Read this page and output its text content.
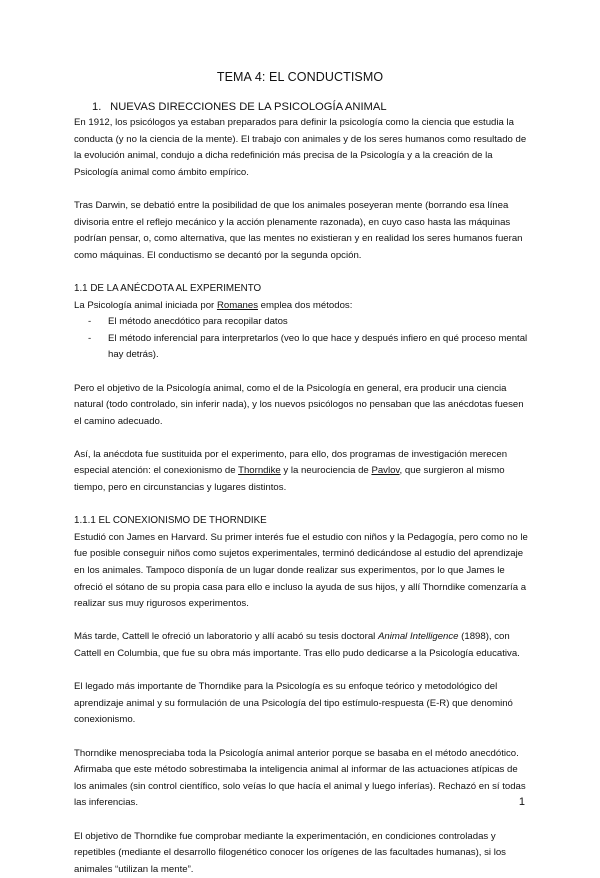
TEMA 4: EL CONDUCTISMO

1. NUEVAS DIRECCIONES DE LA PSICOLOGÍA ANIMAL

En 1912, los psicólogos ya estaban preparados para definir la psicología como la ciencia que estudia la conducta (y no la ciencia de la mente). El trabajo con animales y de los seres humanos como resultado de la evolución animal, condujo a dicha redefinición más precisa de la Psicología y a la creación de la Psicología animal como ámbito empírico.

Tras Darwin, se debatió entre la posibilidad de que los animales poseyeran mente (borrando esa línea divisoria entre el reflejo mecánico y la acción plenamente razonada), en cuyo caso hasta las máquinas podrían pensar, o, como alternativa, que las mentes no existieran y en realidad los seres humanos fueran como máquinas. El conductismo se decantó por la segunda opción.

1.1 DE LA ANÉCDOTA AL EXPERIMENTO

La Psicología animal iniciada por Romanes emplea dos métodos:

- El método anecdótico para recopilar datos
- El método inferencial para interpretarlos (veo lo que hace y después infiero en qué proceso mental hay detrás).

Pero el objetivo de la Psicología animal, como el de la Psicología en general, era producir una ciencia natural (todo controlado, sin inferir nada), y los nuevos psicólogos no pensaban que las anécdotas fuesen el camino adecuado.

Así, la anécdota fue sustituida por el experimento, para ello, dos programas de investigación merecen especial atención: el conexionismo de Thorndike y la neurociencia de Pavlov, que surgieron al mismo tiempo, pero en circunstancias y lugares distintos.

1.1.1 EL CONEXIONISMO DE THORNDIKE

Estudió con James en Harvard. Su primer interés fue el estudio con niños y la Pedagogía, pero como no le fue posible conseguir niños como sujetos experimentales, terminó dedicándose al estudio del aprendizaje en los animales. Tampoco disponía de un lugar donde realizar sus experimentos, por lo que James le ofreció el sótano de su propia casa para ello e incluso la ayuda de sus hijos, y allí Thorndike comenzaría a realizar sus muy rigurosos experimentos.

Más tarde, Cattell le ofreció un laboratorio y allí acabó su tesis doctoral Animal Intelligence (1898), con Cattell en Columbia, que fue su obra más importante. Tras ello pudo dedicarse a la Psicología educativa.

El legado más importante de Thorndike para la Psicología es su enfoque teórico y metodológico del aprendizaje animal y su formulación de una Psicología del tipo estímulo-respuesta (E-R) que denominó conexionismo.

Thorndike menospreciaba toda la Psicología animal anterior porque se basaba en el método anecdótico. Afirmaba que este método sobrestimaba la inteligencia animal al informar de las actuaciones atípicas de los animales (sin control científico, solo veías lo que hacía el animal y luego inferías). Rechazó en sí todas las inferencias.

El objetivo de Thorndike fue comprobar mediante la experimentación, en condiciones controladas y repetibles (mediante el desarrollo filogenético conocer los orígenes de las facultades humanas), si los animales “utilizan la mente”.

1
